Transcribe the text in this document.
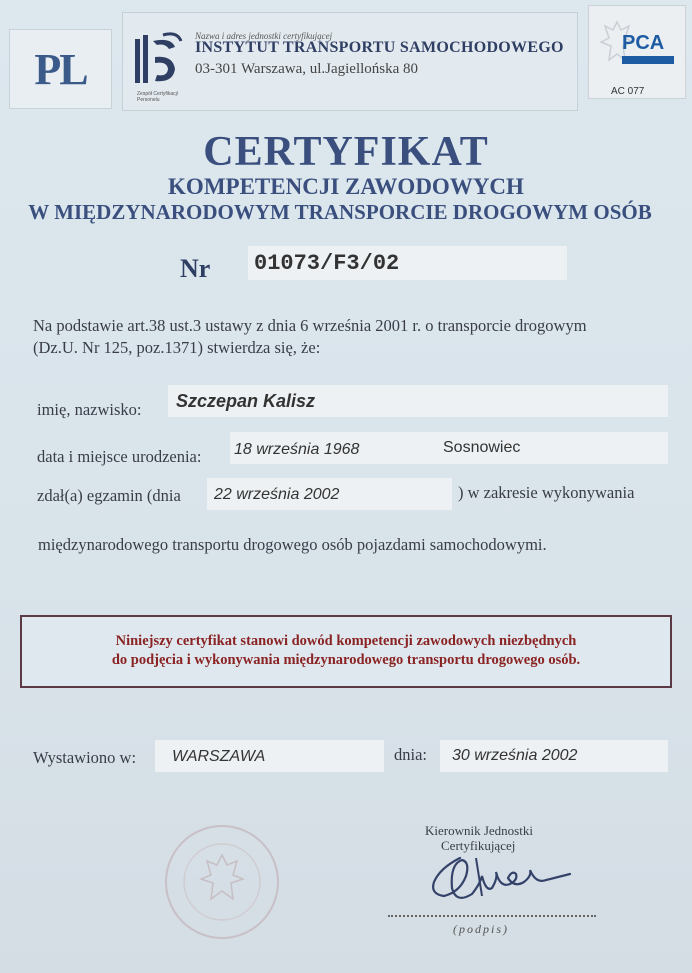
PL
Zespół Certyfikacji Personelu
Nazwa i adres jednostki certyfikującej
INSTYTUT TRANSPORTU SAMOCHODOWEGO
03-301 Warszawa, ul.Jagiellońska 80
PCA
AC 077
CERTYFIKAT
KOMPETENCJI ZAWODOWYCH
W MIĘDZYNARODOWYM TRANSPORCIE DROGOWYM OSÓB
Nr 01073/F3/02
Na podstawie art.38 ust.3 ustawy z dnia 6 września 2001 r. o transporcie drogowym
(Dz.U. Nr 125, poz.1371) stwierdza się, że:
imię, nazwisko: Szczepan Kalisz
data i miejsce urodzenia: 18 września 1968	Sosnowiec
zdał(a) egzamin (dnia 22 września 2002	) w zakresie wykonywania
międzynarodowego transportu drogowego osób pojazdami samochodowymi.
Niniejszy certyfikat stanowi dowód kompetencji zawodowych niezbędnych
do podjęcia i wykonywania międzynarodowego transportu drogowego osób.
Wystawiono w: WARSZAWA	dnia: 30 września 2002
Kierownik Jednostki
Certyfikującej
(podpis)
